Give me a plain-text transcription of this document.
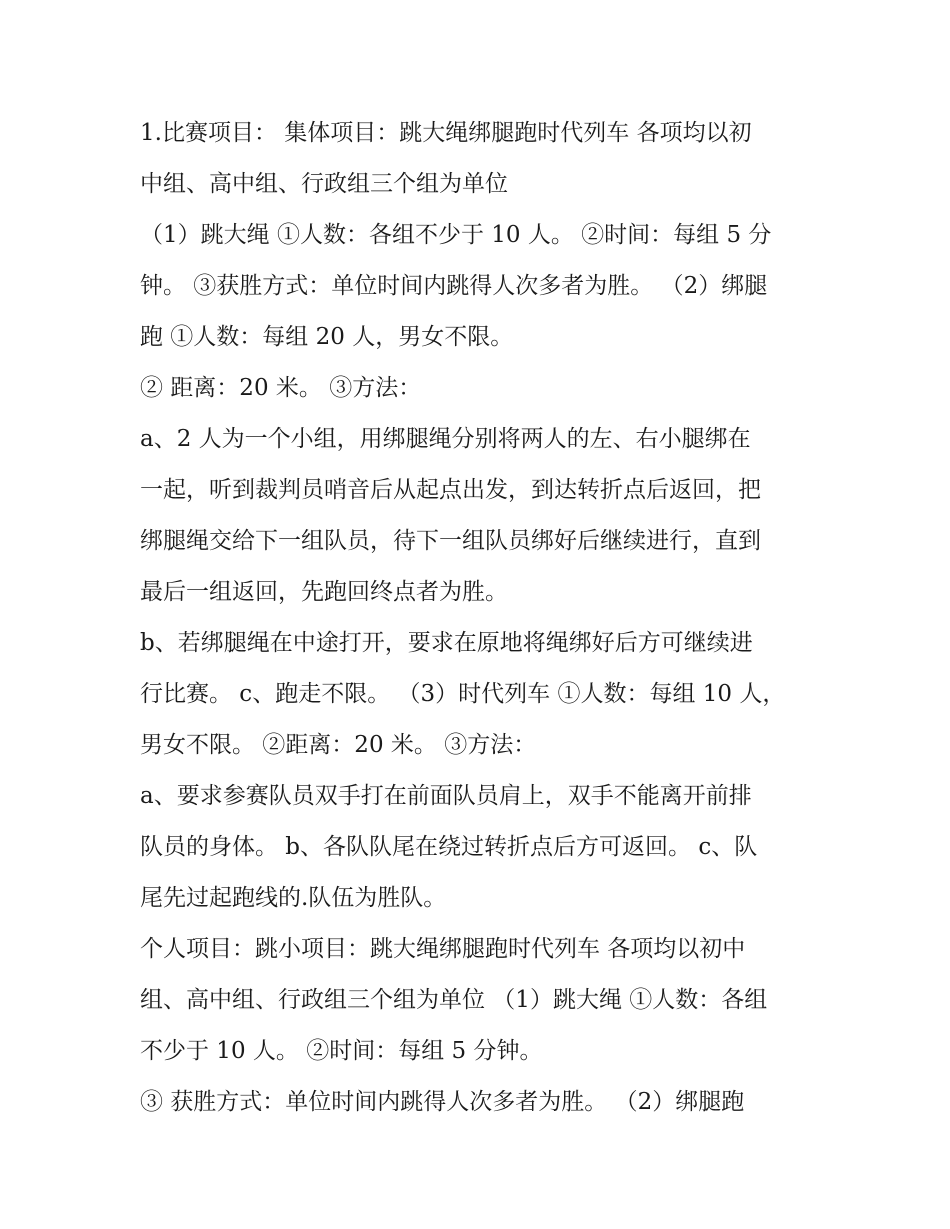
1.比赛项目： 集体项目：跳大绳绑腿跑时代列车 各项均以初
中组、高中组、行政组三个组为单位

（1）跳大绳 ①人数：各组不少于 10 人。 ②时间：每组 5 分
钟。 ③获胜方式：单位时间内跳得人次多者为胜。 （2）绑腿
跑 ①人数：每组 20 人，男女不限。

② 距离：20 米。 ③方法：

a、2 人为一个小组，用绑腿绳分别将两人的左、右小腿绑在
一起，听到裁判员哨音后从起点出发，到达转折点后返回，把
绑腿绳交给下一组队员，待下一组队员绑好后继续进行，直到
最后一组返回，先跑回终点者为胜。

b、若绑腿绳在中途打开，要求在原地将绳绑好后方可继续进
行比赛。 c、跑走不限。 （3）时代列车 ①人数：每组 10 人，
男女不限。 ②距离：20 米。 ③方法：

a、要求参赛队员双手打在前面队员肩上，双手不能离开前排
队员的身体。 b、各队队尾在绕过转折点后方可返回。 c、队
尾先过起跑线的.队伍为胜队。

个人项目：跳小项目：跳大绳绑腿跑时代列车 各项均以初中
组、高中组、行政组三个组为单位 （1）跳大绳 ①人数：各组
不少于 10 人。 ②时间：每组 5 分钟。

③ 获胜方式：单位时间内跳得人次多者为胜。 （2）绑腿跑
